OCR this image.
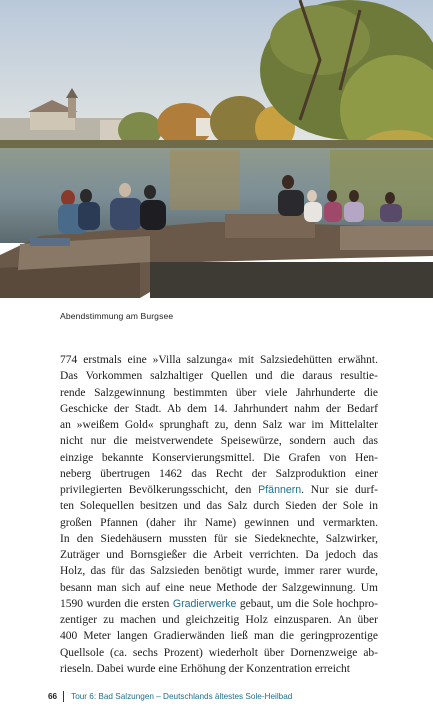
Abendstimmung am Burgsee
774 erstmals eine »Villa salzunga« mit Salzsiedehütten erwähnt.
Das Vorkommen salzhaltiger Quellen und die daraus resultie-
rende Salzgewinnung bestimmten über viele Jahrhunderte die
Geschicke der Stadt. Ab dem 14. Jahrhundert nahm der Bedarf
an »weißem Gold« sprunghaft zu, denn Salz war im Mittelalter
nicht nur die meistverwendete Speisewürze, sondern auch das
einzige bekannte Konservierungsmittel. Die Grafen von Hen-
neberg übertrugen 1462 das Recht der Salzproduktion einer
privilegierten Bevölkerungsschicht, den Pfännern. Nur sie durf-
ten Solequellen besitzen und das Salz durch Sieden der Sole in
großen Pfannen (daher ihr Name) gewinnen und vermarkten.
In den Siedehäusern mussten für sie Siedeknechte, Salzwirker,
Zuträger und Bornsgießer die Arbeit verrichten. Da jedoch das
Holz, das für das Salzsieden benötigt wurde, immer rarer wurde,
besann man sich auf eine neue Methode der Salzgewinnung. Um
1590 wurden die ersten Gradierwerke gebaut, um die Sole hochpro-
zentiger zu machen und gleichzeitig Holz einzusparen. An über
400 Meter langen Gradierwänden ließ man die geringprozentige
Quellsole (ca. sechs Prozent) wiederholt über Dornenzweige ab-
rieseln. Dabei wurde eine Erhöhung der Konzentration erreicht
66 Tour 6: Bad Salzungen – Deutschlands ältestes Sole-Heilbad
